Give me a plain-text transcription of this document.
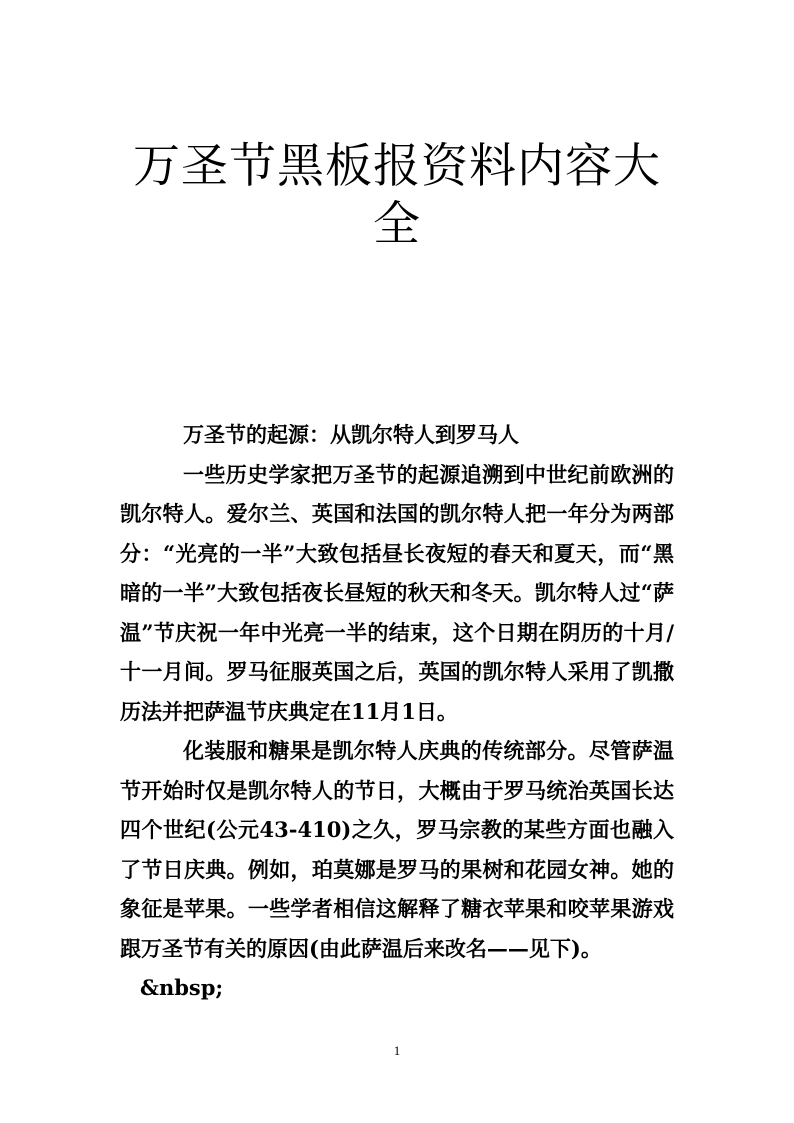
万圣节黑板报资料内容大全

万圣节的起源：从凯尔特人到罗马人

一些历史学家把万圣节的起源追溯到中世纪前欧洲的凯尔特人。爱尔兰、英国和法国的凯尔特人把一年分为两部分：“光亮的一半”大致包括昼长夜短的春天和夏天，而“黑暗的一半”大致包括夜长昼短的秋天和冬天。凯尔特人过“萨温”节庆祝一年中光亮一半的结束，这个日期在阴历的十月/十一月间。罗马征服英国之后，英国的凯尔特人采用了凯撒历法并把萨温节庆典定在11月1日。

化装服和糖果是凯尔特人庆典的传统部分。尽管萨温节开始时仅是凯尔特人的节日，大概由于罗马统治英国长达四个世纪(公元43-410)之久，罗马宗教的某些方面也融入了节日庆典。例如，珀莫娜是罗马的果树和花园女神。她的象征是苹果。一些学者相信这解释了糖衣苹果和咬苹果游戏跟万圣节有关的原因(由此萨温后来改名——见下)。

&nbsp;

1
